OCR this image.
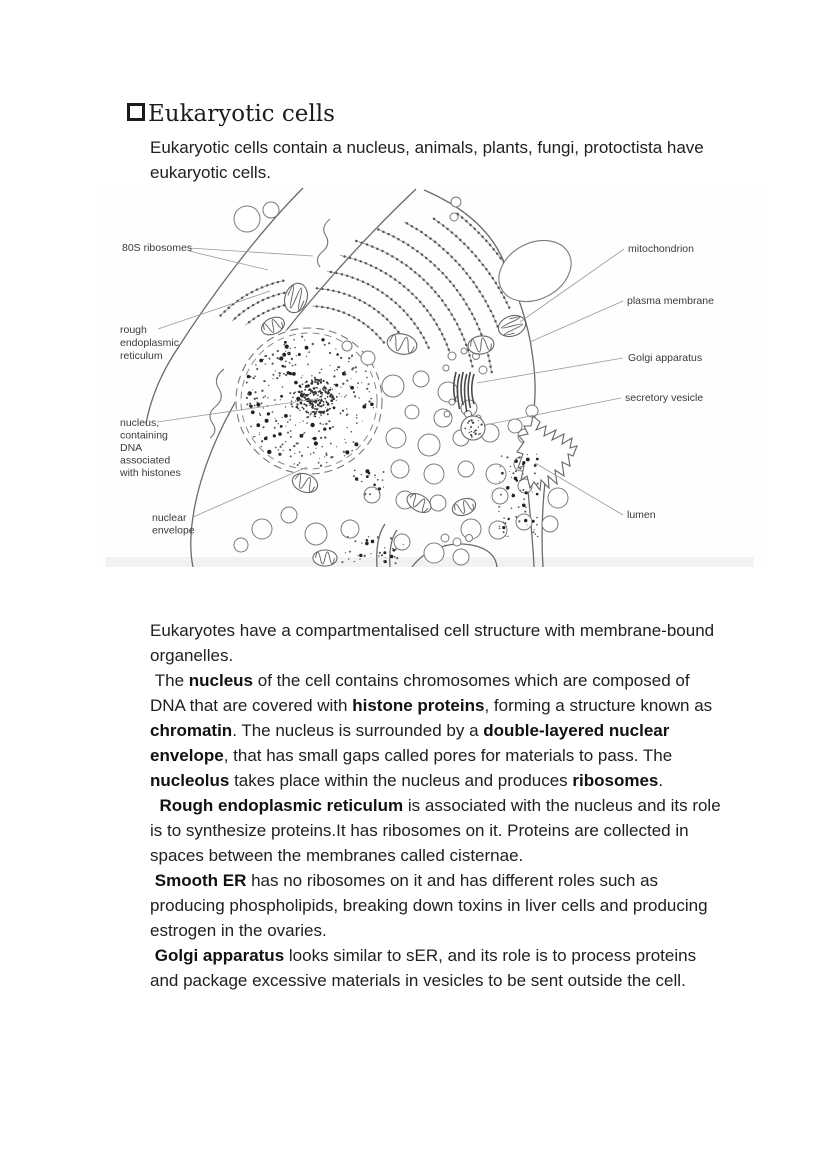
Eukaryotic cells
Eukaryotic cells contain a nucleus, animals, plants, fungi, protoctista have eukaryotic cells.
80S ribosomes
rough
endoplasmic
reticulum
nucleus,
containing
DNA
associated
with histones
nuclear
envelope
mitochondrion
plasma membrane
Golgi apparatus
secretory vesicle
lumen

Eukaryotes have a compartmentalised cell structure with membrane-bound organelles.

The nucleus of the cell contains chromosomes which are composed of DNA that are covered with histone proteins, forming a structure known as chromatin. The nucleus is surrounded by a double-layered nuclear envelope, that has small gaps called pores for materials to pass. The nucleolus takes place within the nucleus and produces ribosomes.

Rough endoplasmic reticulum is associated with the nucleus and its role is to synthesize proteins.It has ribosomes on it. Proteins are collected in spaces between the membranes called cisternae.

Smooth ER has no ribosomes on it and has different roles such as producing phospholipids, breaking down toxins in liver cells and producing estrogen in the ovaries.

Golgi apparatus looks similar to sER, and its role is to process proteins and package excessive materials in vesicles to be sent outside the cell.
